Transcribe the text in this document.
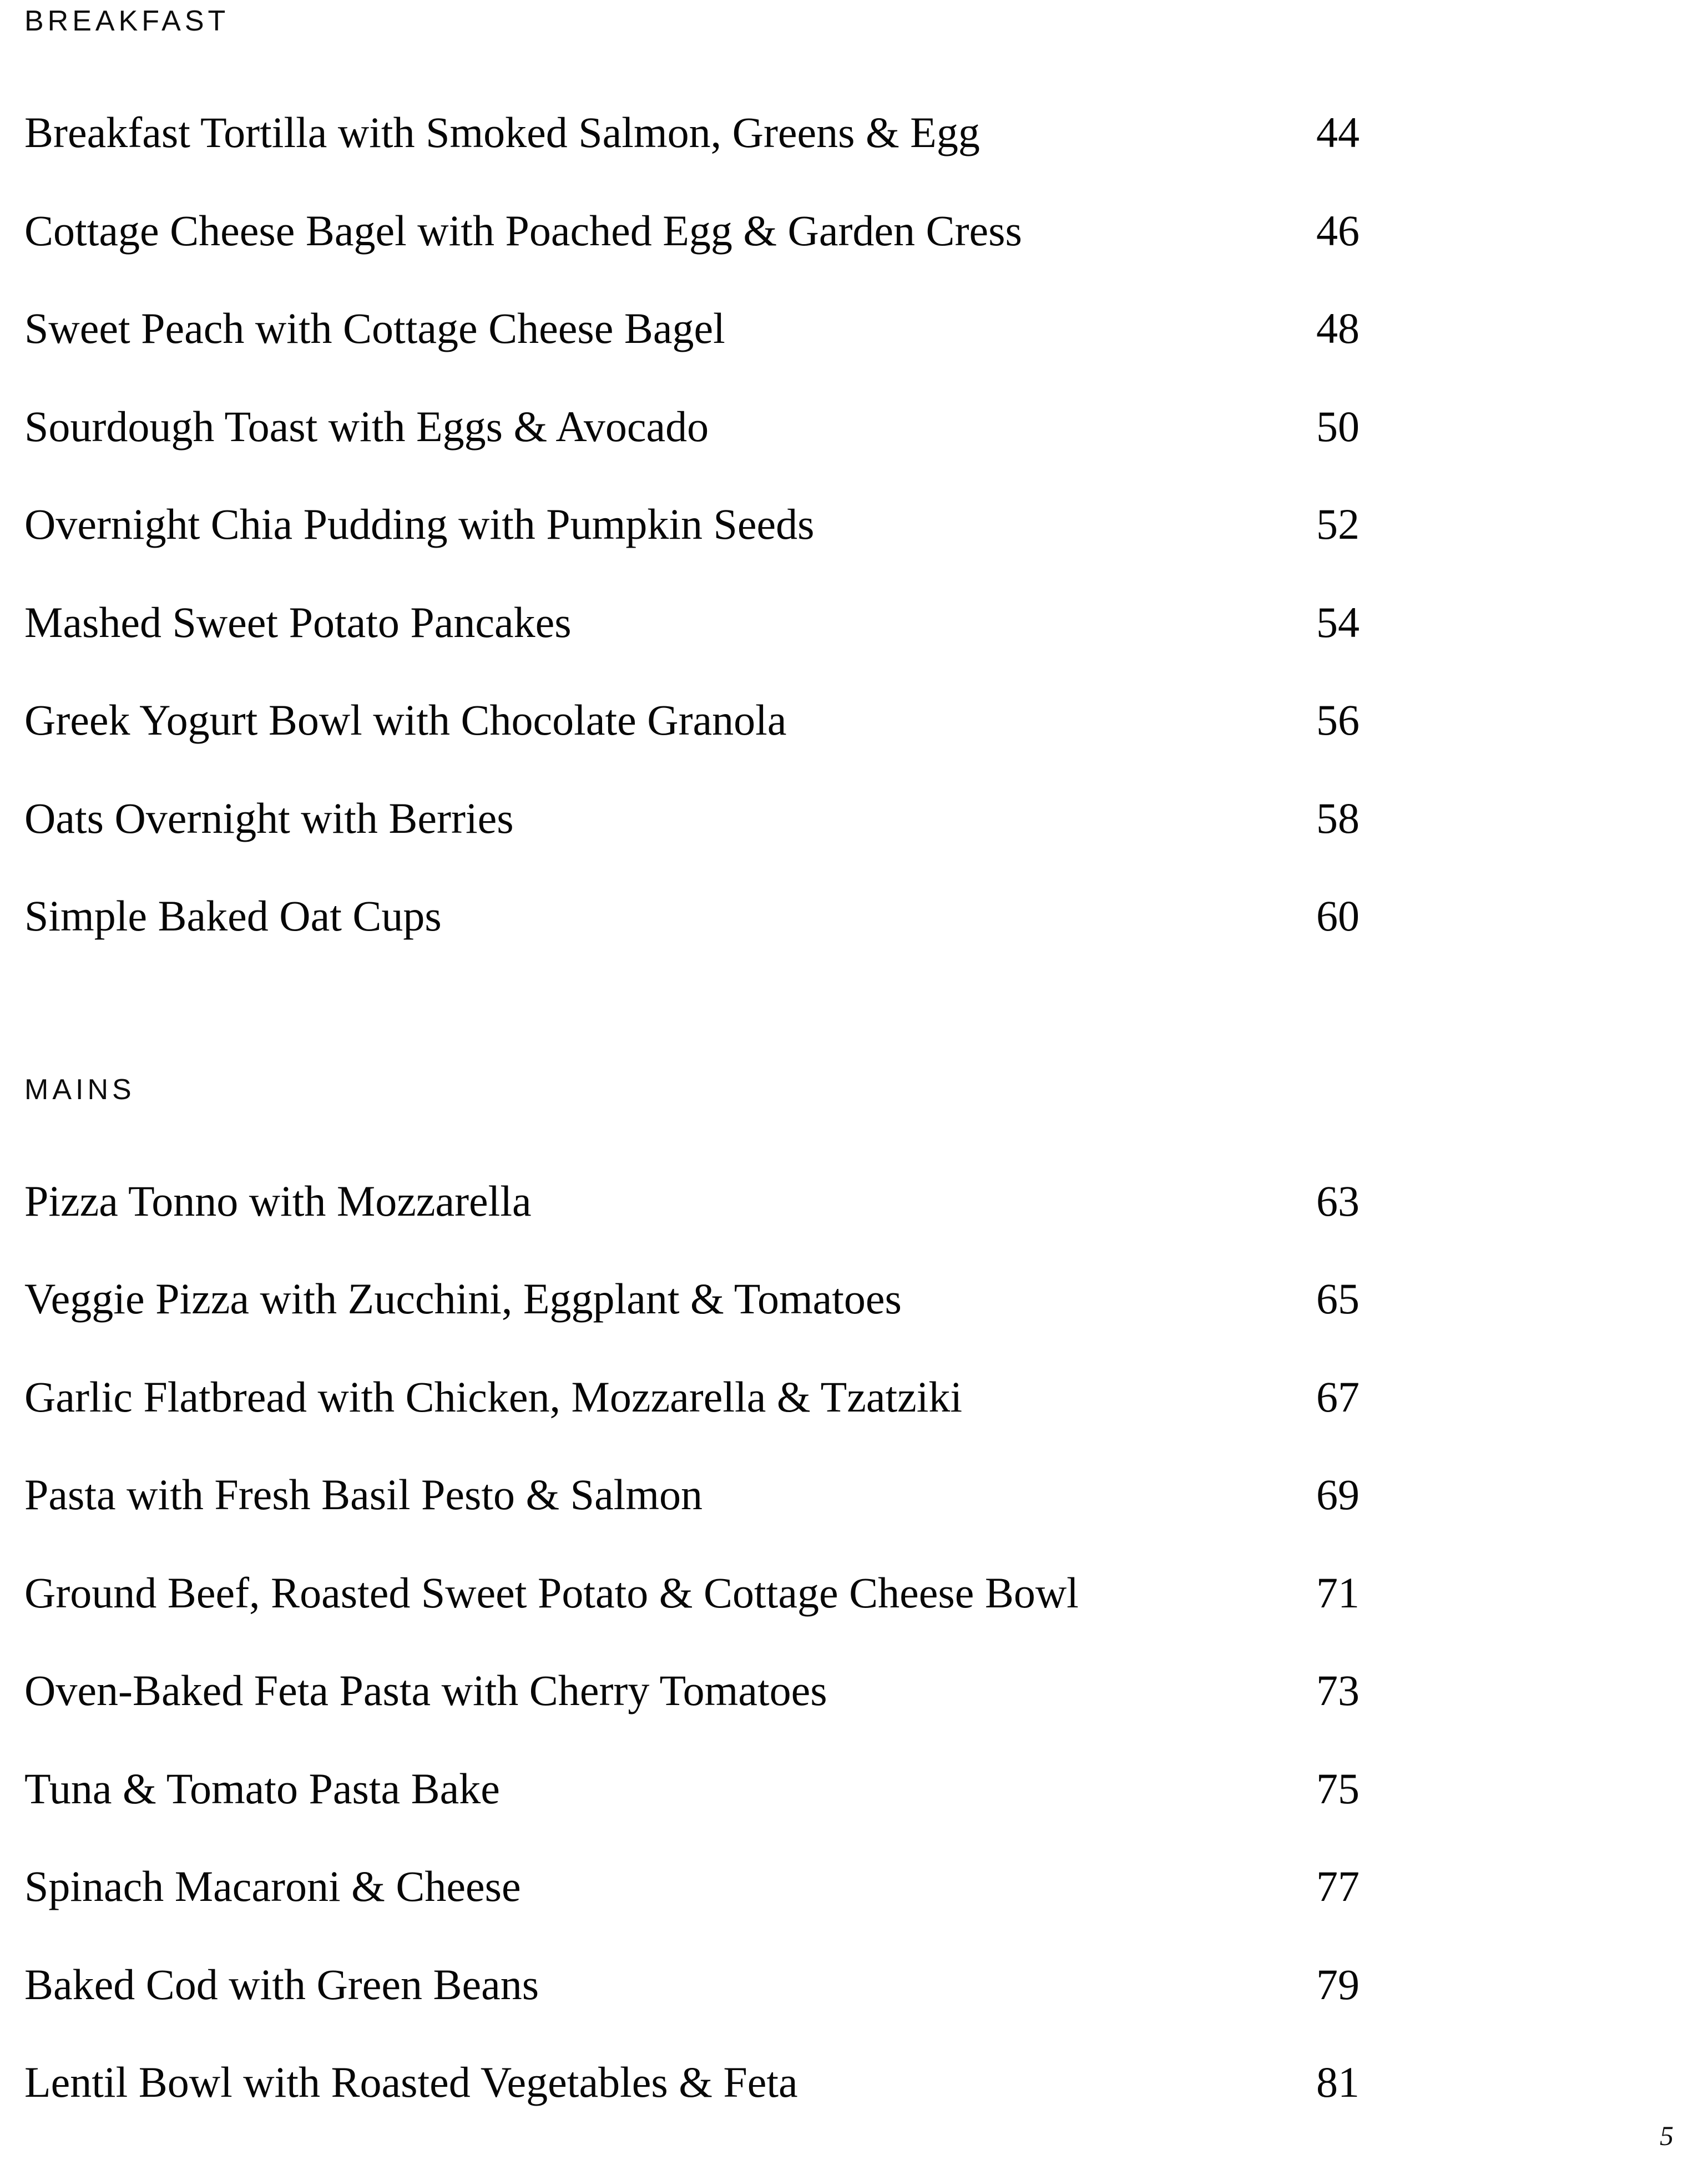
BREAKFAST
Breakfast Tortilla with Smoked Salmon, Greens & Egg	44
Cottage Cheese Bagel with Poached Egg & Garden Cress	46
Sweet Peach with Cottage Cheese Bagel	48
Sourdough Toast with Eggs & Avocado	50
Overnight Chia Pudding with Pumpkin Seeds	52
Mashed Sweet Potato Pancakes	54
Greek Yogurt Bowl with Chocolate Granola	56
Oats Overnight with Berries	58
Simple Baked Oat Cups	60
MAINS
Pizza Tonno with Mozzarella	63
Veggie Pizza with Zucchini, Eggplant & Tomatoes	65
Garlic Flatbread with Chicken, Mozzarella & Tzatziki	67
Pasta with Fresh Basil Pesto & Salmon	69
Ground Beef, Roasted Sweet Potato & Cottage Cheese Bowl	71
Oven-Baked Feta Pasta with Cherry Tomatoes	73
Tuna & Tomato Pasta Bake	75
Spinach Macaroni & Cheese	77
Baked Cod with Green Beans	79
Lentil Bowl with Roasted Vegetables & Feta	81
5
